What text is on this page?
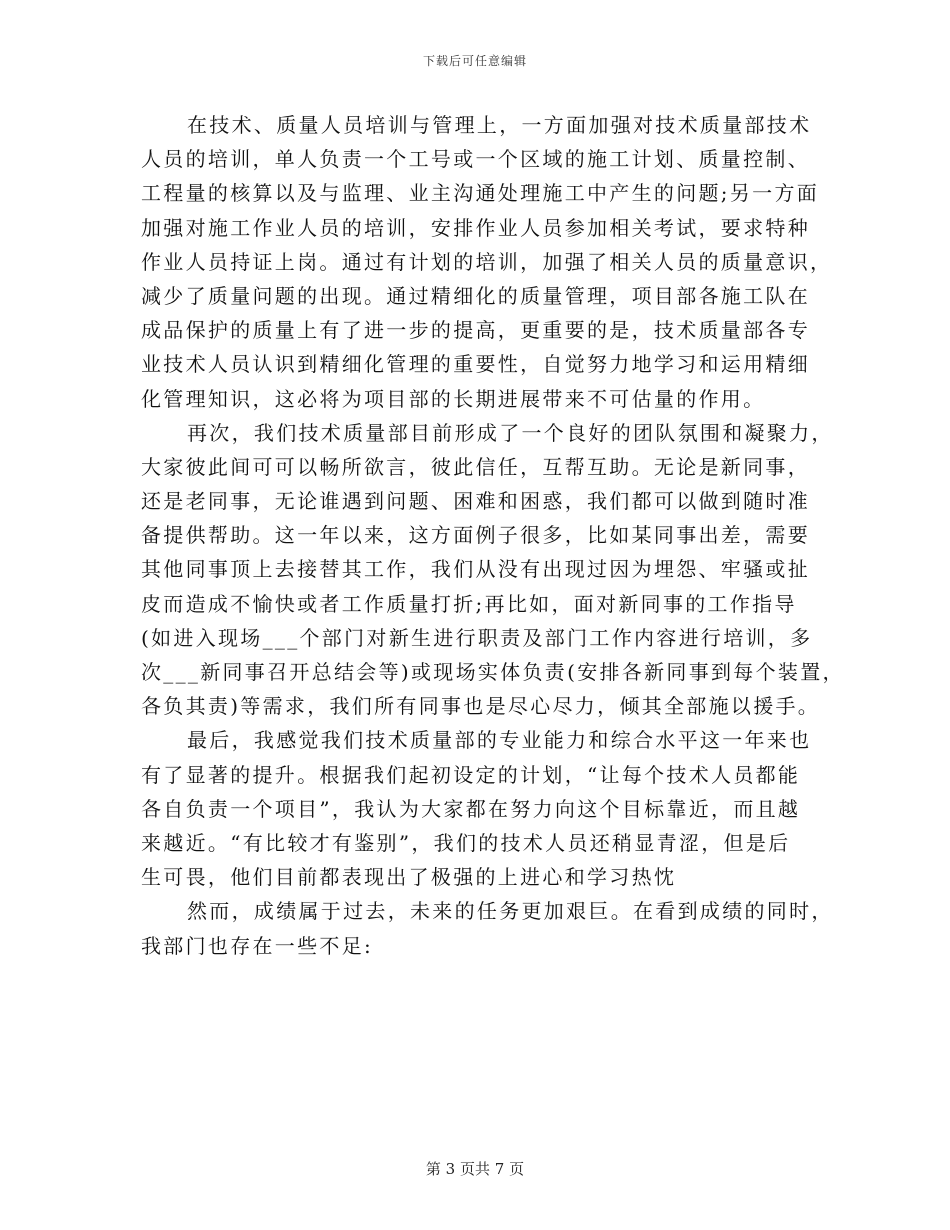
下载后可任意编辑
在技术、质量人员培训与管理上，一方面加强对技术质量部技术
人员的培训，单人负责一个工号或一个区域的施工计划、质量控制、
工程量的核算以及与监理、业主沟通处理施工中产生的问题;另一方面
加强对施工作业人员的培训，安排作业人员参加相关考试，要求特种
作业人员持证上岗。通过有计划的培训，加强了相关人员的质量意识，
减少了质量问题的出现。通过精细化的质量管理，项目部各施工队在
成品保护的质量上有了进一步的提高，更重要的是，技术质量部各专
业技术人员认识到精细化管理的重要性，自觉努力地学习和运用精细
化管理知识，这必将为项目部的长期进展带来不可估量的作用。
再次，我们技术质量部目前形成了一个良好的团队氛围和凝聚力，
大家彼此间可可以畅所欲言，彼此信任，互帮互助。无论是新同事，
还是老同事，无论谁遇到问题、困难和困惑，我们都可以做到随时准
备提供帮助。这一年以来，这方面例子很多，比如某同事出差，需要
其他同事顶上去接替其工作，我们从没有出现过因为埋怨、牢骚或扯
皮而造成不愉快或者工作质量打折;再比如，面对新同事的工作指导
(如进入现场___个部门对新生进行职责及部门工作内容进行培训，多
次___新同事召开总结会等)或现场实体负责(安排各新同事到每个装置，
各负其责)等需求，我们所有同事也是尽心尽力，倾其全部施以援手。
最后，我感觉我们技术质量部的专业能力和综合水平这一年来也
有了显著的提升。根据我们起初设定的计划，“让每个技术人员都能
各自负责一个项目”，我认为大家都在努力向这个目标靠近，而且越
来越近。“有比较才有鉴别”，我们的技术人员还稍显青涩，但是后
生可畏，他们目前都表现出了极强的上进心和学习热忱
然而，成绩属于过去，未来的任务更加艰巨。在看到成绩的同时，
我部门也存在一些不足:
第 3 页共 7 页
